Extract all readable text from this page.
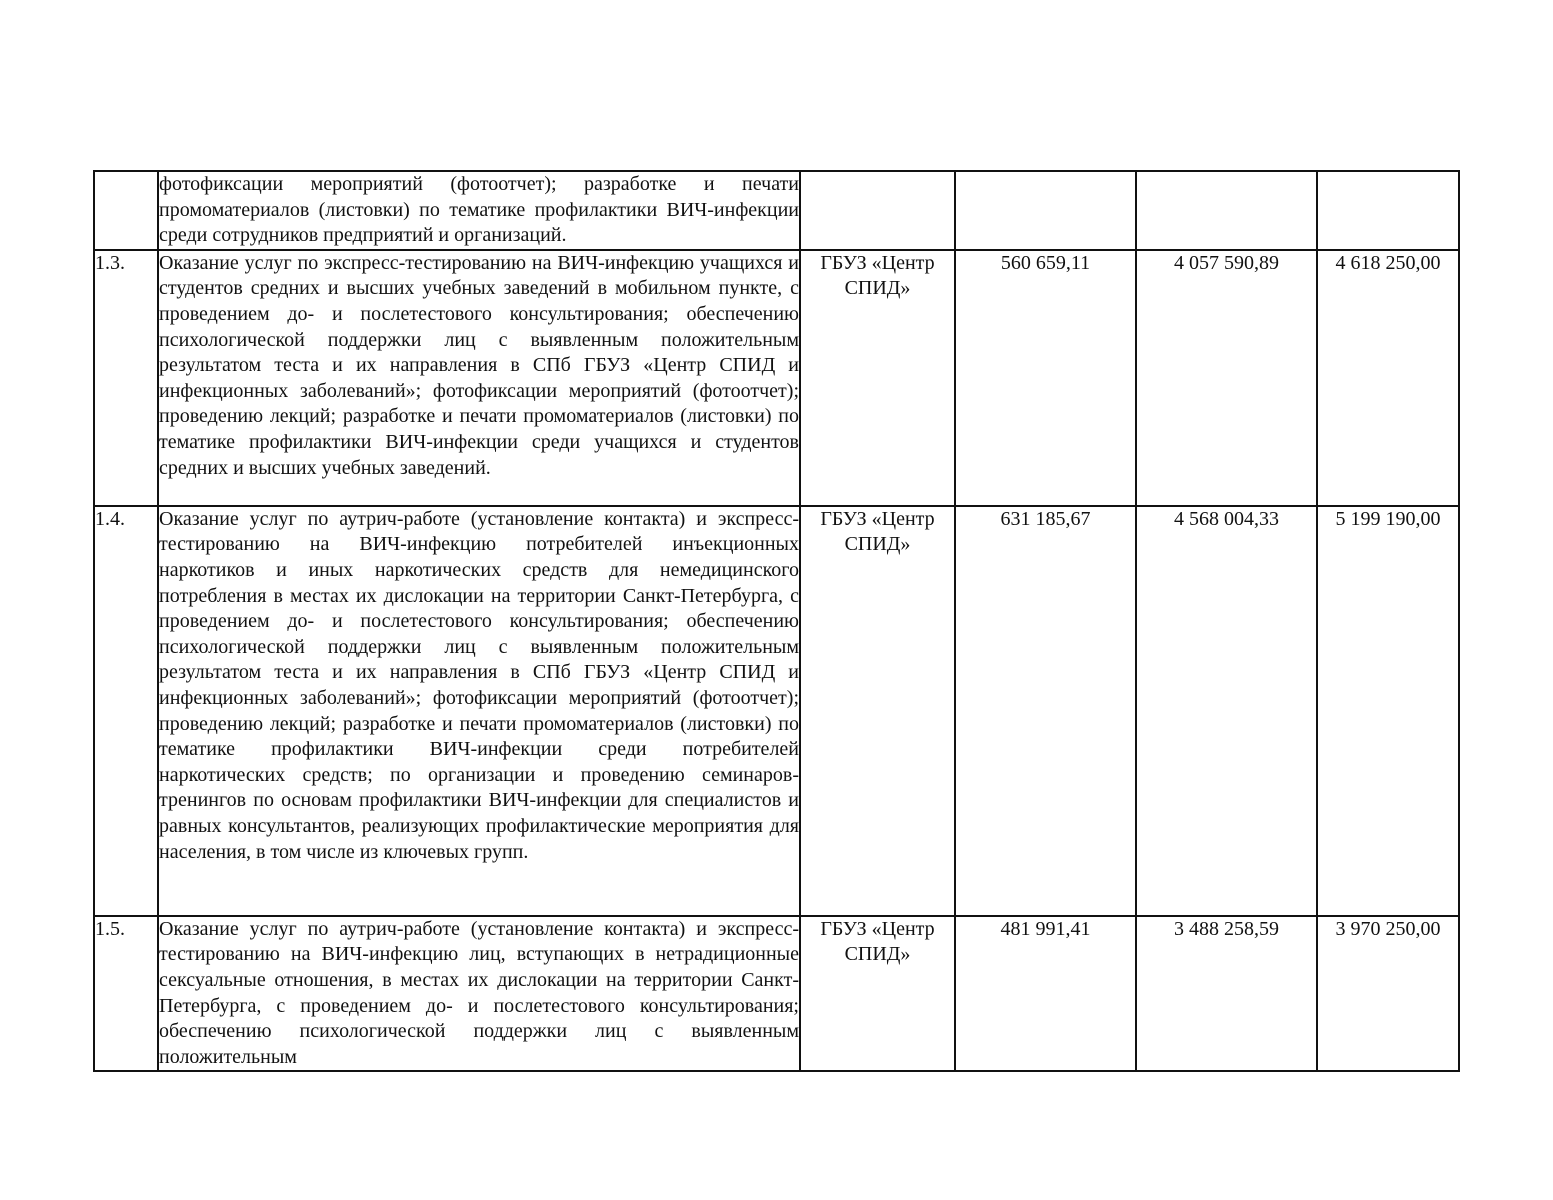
	фотофиксации мероприятий (фотоотчет); разработке и печати промоматериалов (листовки) по тематике профилактики ВИЧ-инфекции среди сотрудников предприятий и организаций.				
1.3.	Оказание услуг по экспресс-тестированию на ВИЧ-инфекцию учащихся и студентов средних и высших учебных заведений в мобильном пункте, с проведением до- и послетестового консультирования; обеспечению психологической поддержки лиц с выявленным положительным результатом теста и их направления в СПб ГБУЗ «Центр СПИД и инфекционных заболеваний»; фотофиксации мероприятий (фотоотчет); проведению лекций; разработке и печати промоматериалов (листовки) по тематике профилактики ВИЧ-инфекции среди учащихся и студентов средних и высших учебных заведений.	ГБУЗ «Центр СПИД»	560 659,11	4 057 590,89	4 618 250,00
1.4.	Оказание услуг по аутрич-работе (установление контакта) и экспресс-тестированию на ВИЧ-инфекцию потребителей инъекционных наркотиков и иных наркотических средств для немедицинского потребления в местах их дислокации на территории Санкт-Петербурга, с проведением до- и послетестового консультирования; обеспечению психологической поддержки лиц с выявленным положительным результатом теста и их направления в СПб ГБУЗ «Центр СПИД и инфекционных заболеваний»; фотофиксации мероприятий (фотоотчет); проведению лекций; разработке и печати промоматериалов (листовки) по тематике профилактики ВИЧ-инфекции среди потребителей наркотических средств; по организации и проведению семинаров-тренингов по основам профилактики ВИЧ-инфекции для специалистов и равных консультантов, реализующих профилактические мероприятия для населения, в том числе из ключевых групп.	ГБУЗ «Центр СПИД»	631 185,67	4 568 004,33	5 199 190,00
1.5.	Оказание услуг по аутрич-работе (установление контакта) и экспресс-тестированию на ВИЧ-инфекцию лиц, вступающих в нетрадиционные сексуальные отношения, в местах их дислокации на территории Санкт-Петербурга, с проведением до- и послетестового консультирования; обеспечению психологической поддержки лиц с выявленным положительным	ГБУЗ «Центр СПИД»	481 991,41	3 488 258,59	3 970 250,00
